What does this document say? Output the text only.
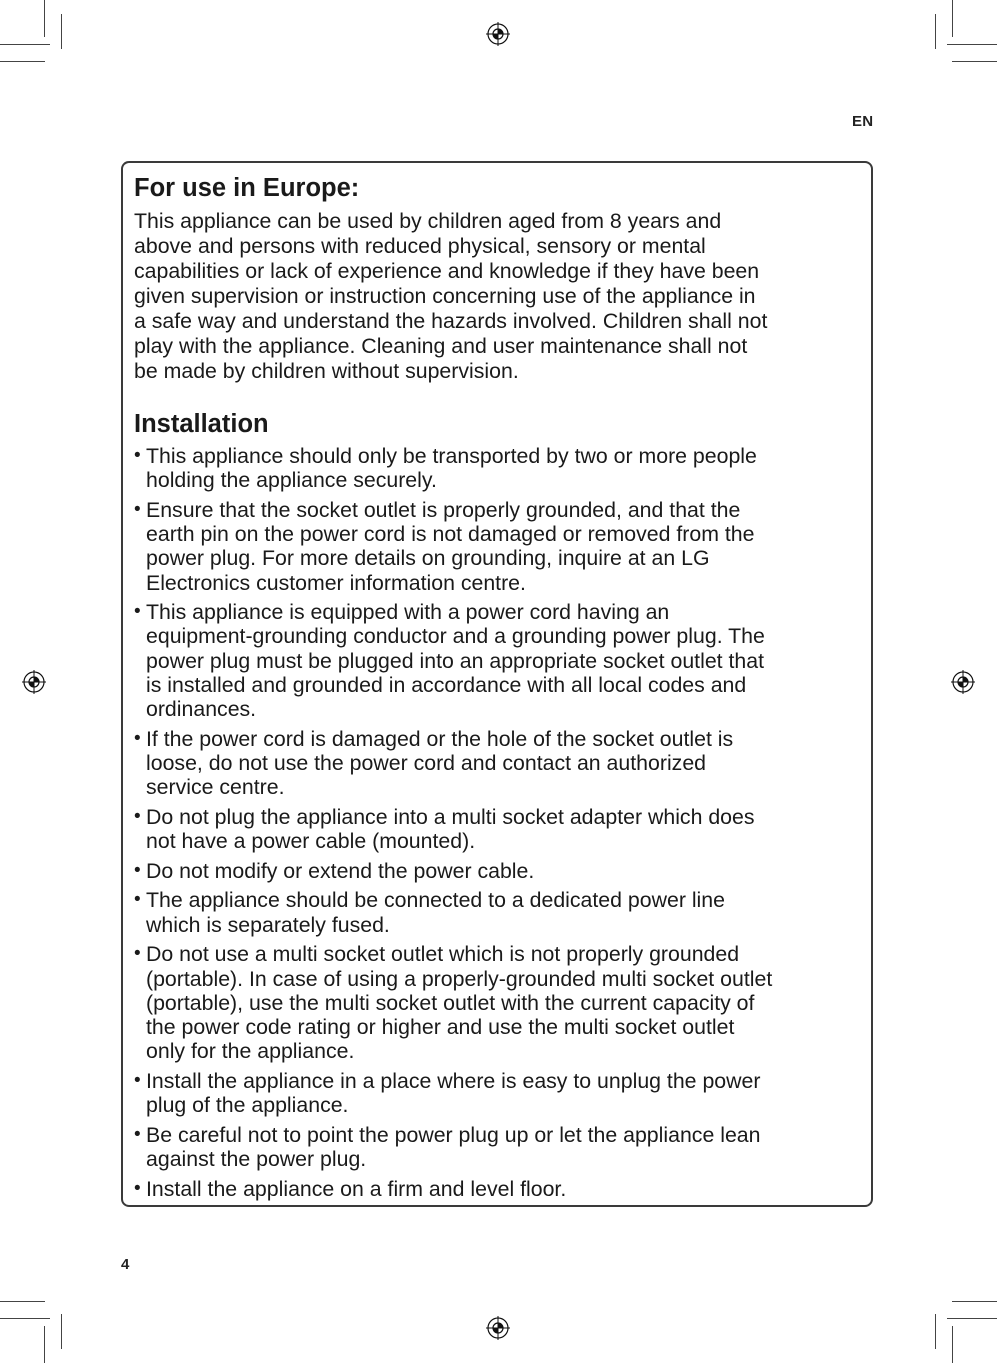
EN
For use in Europe:
This appliance can be used by children aged from 8 years and
above and persons with reduced physical, sensory or mental
capabilities or lack of experience and knowledge if they have been
given supervision or instruction concerning use of the appliance in
a safe way and understand the hazards involved. Children shall not
play with the appliance. Cleaning and user maintenance shall not
be made by children without supervision.
Installation
• This appliance should only be transported by two or more people
holding the appliance securely.
• Ensure that the socket outlet is properly grounded, and that the
earth pin on the power cord is not damaged or removed from the
power plug. For more details on grounding, inquire at an LG
Electronics customer information centre.
• This appliance is equipped with a power cord having an
equipment-grounding conductor and a grounding power plug. The
power plug must be plugged into an appropriate socket outlet that
is installed and grounded in accordance with all local codes and
ordinances.
• If the power cord is damaged or the hole of the socket outlet is
loose, do not use the power cord and contact an authorized
service centre.
• Do not plug the appliance into a multi socket adapter which does
not have a power cable (mounted).
• Do not modify or extend the power cable.
• The appliance should be connected to a dedicated power line
which is separately fused.
• Do not use a multi socket outlet which is not properly grounded
(portable). In case of using a properly-grounded multi socket outlet
(portable), use the multi socket outlet with the current capacity of
the power code rating or higher and use the multi socket outlet
only for the appliance.
• Install the appliance in a place where is easy to unplug the power
plug of the appliance.
• Be careful not to point the power plug up or let the appliance lean
against the power plug.
• Install the appliance on a firm and level floor.
4
